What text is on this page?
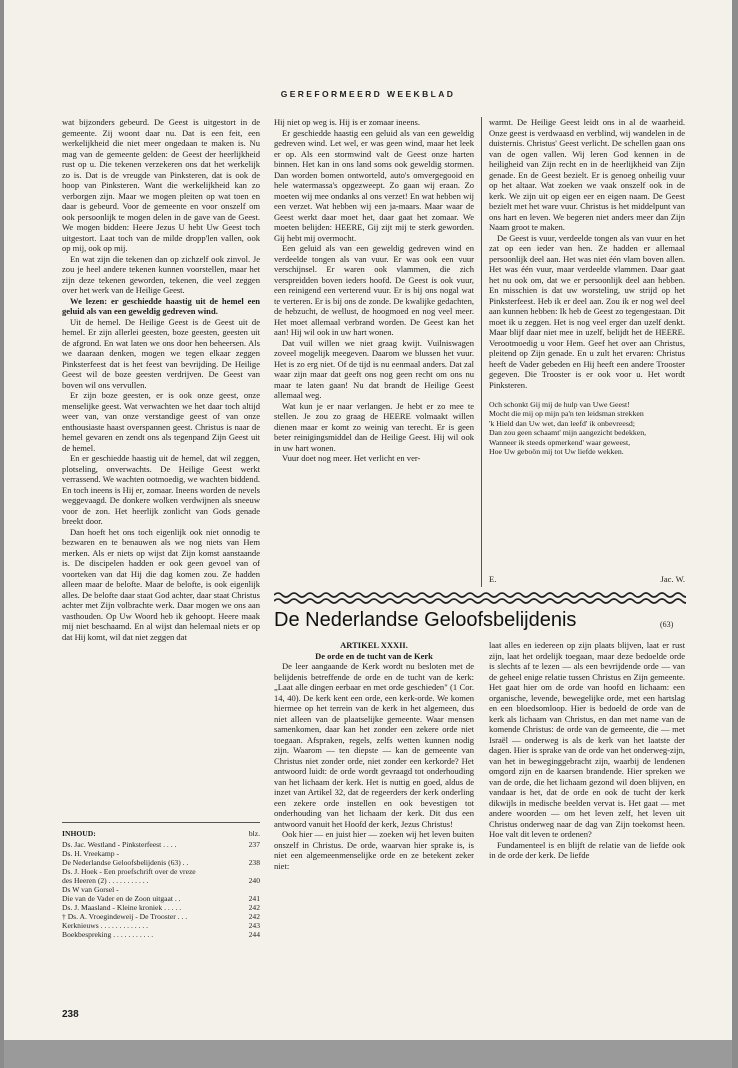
GEREFORMEERD WEEKBLAD

wat bijzonders gebeurd. De Geest is uitgestort in de gemeente. Zij woont daar nu. Dat is een feit, een werkelijkheid die niet meer ongedaan te maken is. Nu mag van de gemeente gelden: de Geest der heerlijkheid rust op u. Die tekenen verzekeren ons dat het werkelijk zo is. Dat is de vreugde van Pinksteren, dat is ook de hoop van Pinksteren. Want die werkelijkheid kan zo verborgen zijn. Maar we mogen pleiten op wat toen en daar is gebeurd. Voor de gemeente en voor onszelf om ook persoonlijk te mogen delen in de gave van de Geest. We mogen bidden: Heere Jezus U hebt Uw Geest toch uitgestort. Laat toch van de milde dropp'len vallen, ook op mij, ook op mij.

En wat zijn die tekenen dan op zichzelf ook zinvol. Je zou je heel andere tekenen kunnen voorstellen, maar het zijn deze tekenen geworden, tekenen, die veel zeggen over het werk van de Heilige Geest.

We lezen: er geschiedde haastig uit de hemel een geluid als van een geweldig gedreven wind.

Uit de hemel. De Heilige Geest is de Geest uit de hemel. Er zijn allerlei geesten, boze geesten, geesten uit de afgrond. En wat laten we ons door hen beheersen. Als we daaraan denken, mogen we tegen elkaar zeggen Pinksterfeest dat is het feest van bevrijding. De Heilige Geest wil de boze geesten verdrijven. De Geest van boven wil ons vervullen.

Er zijn boze geesten, er is ook onze geest, onze menselijke geest. Wat verwachten we het daar toch altijd weer van, van onze verstandige geest of van onze enthousiaste haast overspannen geest. Christus is naar de hemel gevaren en zendt ons als tegenpand Zijn Geest uit de hemel.

En er geschiedde haastig uit de hemel, dat wil zeggen, plotseling, onverwachts. De Heilige Geest werkt verrassend. We wachten ootmoedig, we wachten biddend. En toch ineens is Hij er, zomaar. Ineens worden de nevels weggevaagd. De donkere wolken verdwijnen als sneeuw voor de zon. Het heerlijk zonlicht van Gods genade breekt door.

Dan hoeft het ons toch eigenlijk ook niet onnodig te bezwaren en te benauwen als we nog niets van Hem merken. Als er niets op wijst dat Zijn komst aanstaande is. De discipelen hadden er ook geen gevoel van of voorteken van dat Hij die dag komen zou. Ze hadden alleen maar de belofte. Maar de belofte, is ook eigenlijk alles. De belofte daar staat God achter, daar staat Christus achter met Zijn volbrachte werk. Daar mogen we ons aan vasthouden. Op Uw Woord heb ik gehoopt. Heere maak mij niet beschaamd. En al wijst dan helemaal niets er op dat Hij komt, wil dat niet zeggen dat

Hij niet op weg is. Hij is er zomaar ineens.

Er geschiedde haastig een geluid als van een geweldig gedreven wind. Let wel, er was geen wind, maar het leek er op. Als een stormwind valt de Geest onze harten binnen. Het kan in ons land soms ook geweldig stormen. Dan worden bomen ontworteld, auto's omvergegooid en hele watermassa's opgezweept. Zo gaan wij eraan. Zo moeten wij mee ondanks al ons verzet! En wat hebben wij een verzet. Wat hebben wij een ja-maars. Maar waar de Geest werkt daar moet het, daar gaat het zomaar. We moeten belijden: HEERE, Gij zijt mij te sterk geworden. Gij hebt mij overmocht.

Een geluid als van een geweldig gedreven wind en verdeelde tongen als van vuur. Er was ook een vuur verschijnsel. Er waren ook vlammen, die zich verspreidden boven ieders hoofd. De Geest is ook vuur, een reinigend een verterend vuur. Er is bij ons nogal wat te verteren. Er is bij ons de zonde. De kwalijke gedachten, de hebzucht, de wellust, de hoogmoed en nog veel meer. Het moet allemaal verbrand worden. De Geest kan het aan! Hij wil ook in uw hart wonen.

Dat vuil willen we niet graag kwijt. Vuilniswagen zoveel mogelijk meegeven. Daarom we blussen het vuur. Het is zo erg niet. Of de tijd is nu eenmaal anders. Dat zal waar zijn maar dat geeft ons nog geen recht om ons nu maar te laten gaan! Nu dat brandt de Heilige Geest allemaal weg.

Wat kun je er naar verlangen. Je hebt er zo mee te stellen. Je zou zo graag de HEERE volmaakt willen dienen maar er komt zo weinig van terecht. Er is geen beter reinigingsmiddel dan de Heilige Geest. Hij wil ook in uw hart wonen.

Vuur doet nog meer. Het verlicht en ver-

warmt. De Heilige Geest leidt ons in al de waarheid. Onze geest is verdwaasd en verblind, wij wandelen in de duisternis. Christus' Geest verlicht. De schellen gaan ons van de ogen vallen. Wij leren God kennen in de heiligheid van Zijn recht en in de heerlijkheid van Zijn genade. En de Geest bezielt. Er is genoeg onheilig vuur op het altaar. Wat zoeken we vaak onszelf ook in de kerk. We zijn uit op eigen eer en eigen naam. De Geest bezielt met het ware vuur. Christus is het middelpunt van ons hart en leven. We begeren niet anders meer dan Zijn Naam groot te maken.

De Geest is vuur, verdeelde tongen als van vuur en het zat op een ieder van hen. Ze hadden er allemaal persoonlijk deel aan. Het was niet één vlam boven allen. Het was één vuur, maar verdeelde vlammen. Daar gaat het nu ook om, dat we er persoonlijk deel aan hebben. En misschien is dat uw worsteling, uw strijd op het Pinksterfeest. Heb ik er deel aan. Zou ik er nog wel deel aan kunnen hebben: Ik heb de Geest zo tegengestaan. Dit moet ik u zeggen. Het is nog veel erger dan uzelf denkt. Maar blijf daar niet mee in uzelf, belijdt het de HEERE. Verootmoedig u voor Hem. Geef het over aan Christus, pleitend op Zijn genade. En u zult het ervaren: Christus heeft de Vader gebeden en Hij heeft een andere Trooster gegeven. Die Trooster is er ook voor u. Het wordt Pinksteren.

Och schonkt Gij mij de hulp van Uwe Geest!
Mocht die mij op mijn pa'n ten leidsman strekken
'k Hield dan Uw wet, dan leefd' ik onbevreesd;
Dan zou geen schaamt' mijn aangezicht bedekken,
Wanneer ik steeds opmerkend' waar geweest,
Hoe Uw geboön mij tot Uw liefde wekken.
E.	Jac. W.
De Nederlandse Geloofsbelijdenis	(63)

ARTIKEL XXXII.

De orde en de tucht van de Kerk

De leer aangaande de Kerk wordt nu besloten met de belijdenis betreffende de orde en de tucht van de kerk: „Laat alle dingen eerbaar en met orde geschieden" (1 Cor. 14, 40). De kerk kent een orde, een kerk-orde. We komen hiermee op het terrein van de kerk in het algemeen, dus niet alleen van de plaatselijke gemeente. Waar mensen samenkomen, daar kan het zonder een zekere orde niet toegaan. Afspraken, regels, zelfs wetten kunnen nodig zijn. Waarom — ten diepste — kan de gemeente van Christus niet zonder orde, niet zonder een kerkorde? Het antwoord luidt: de orde wordt gevraagd tot onderhouding van het lichaam der kerk. Het is nuttig en goed, aldus de inzet van Artikel 32, dat de regeerders der kerk onderling een zekere orde instellen en ook bevestigen tot onderhouding van het lichaam der kerk. Dit dus een antwoord vanuit het Hoofd der kerk, Jezus Christus!

Ook hier — en juist hier — zoeken wij het leven buiten onszelf in Christus. De orde, waarvan hier sprake is, is niet een algemeenmenselijke orde en ze betekent zeker niet:

laat alles en iedereen op zijn plaats blijven, laat er rust zijn, laat het ordelijk toegaan, maar deze bedoelde orde is slechts af te lezen — als een bevrijdende orde — van de geheel enige relatie tussen Christus en Zijn gemeente. Het gaat hier om de orde van hoofd en lichaam: een organische, levende, bewegelijke orde, met een hartslag en een bloedsomloop. Hier is bedoeld de orde van de kerk als lichaam van Christus, en dan met name van de komende Christus: de orde van de gemeente, die — met Israël — onderweg is als de kerk van het laatste der dagen. Hier is sprake van de orde van het onderweg-zijn, van het in beweginggebracht zijn, waarbij de lendenen omgord zijn en de kaarsen brandende. Hier spreken we van de orde, die het lichaam gezond wil doen blijven, en vandaar is het, dat de orde en ook de tucht der kerk dikwijls in medische beelden vervat is. Het gaat — met andere woorden — om het leven zelf, het leven uit Christus onderweg naar de dag van Zijn toekomst heen. Hoe valt dit leven te ordenen?

Fundamenteel is en blijft de relatie van de liefde ook in de orde der kerk. De liefde

INHOUD:	blz.
Ds. Jac. Westland - Pinksterfeest . . . .	237
Ds. H. Vreekamp -
De Nederlandse Geloofsbelijdenis (63) . .	238
Ds. J. Hoek - Een proefschrift over de vreze
des Heeren (2) . . . . . . . . . . .	240
Ds W van Gorsel -
Die van de Vader en de Zoon uitgaat . .	241
Ds. J. Maasland - Kleine kroniek . . . . .	242
† Ds. A. Vroegindeweij - De Trooster . . .	242
Kerknieuws . . . . . . . . . . . . .	243
Boekbespreking . . . . . . . . . . .	244
238
